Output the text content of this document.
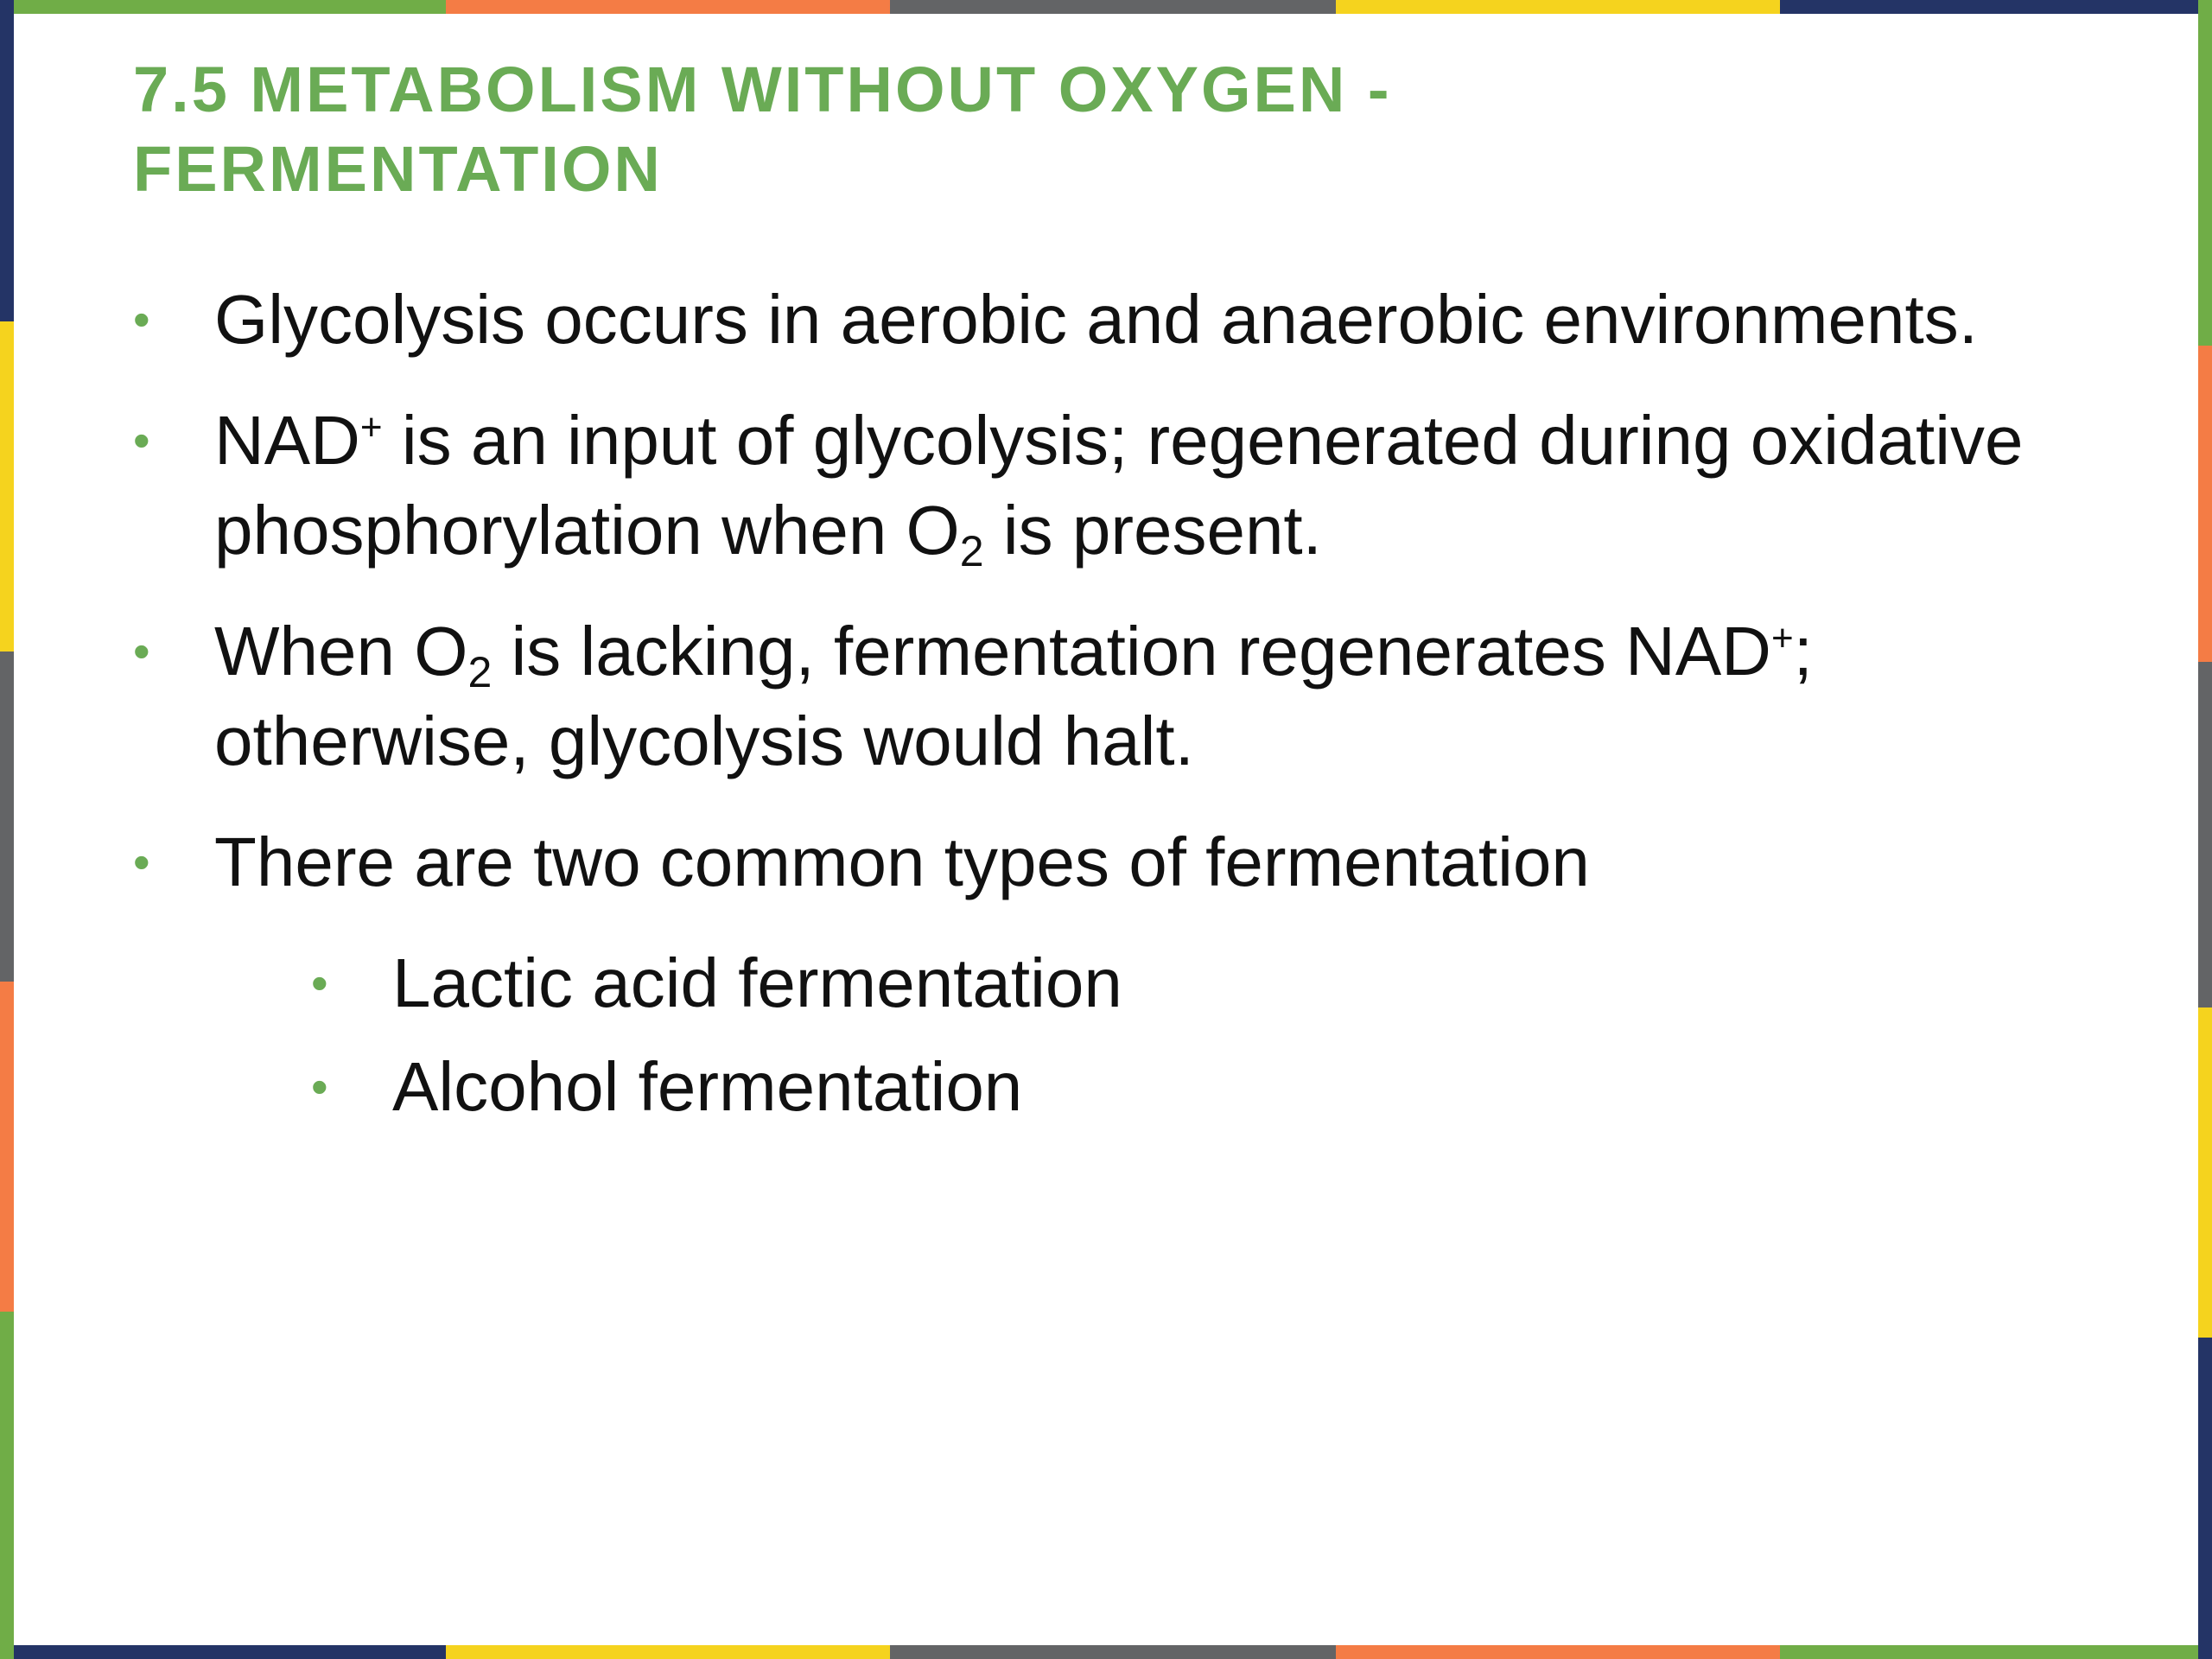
7.5 METABOLISM WITHOUT OXYGEN -
FERMENTATION
• Glycolysis occurs in aerobic and anaerobic environments.
• NAD+ is an input of glycolysis; regenerated during oxidative phosphorylation when $O_2$ is present.
• When $O_2$ is lacking, fermentation regenerates NAD+; otherwise, glycolysis would halt.
• There are two common types of fermentation
• Lactic acid fermentation
• Alcohol fermentation
